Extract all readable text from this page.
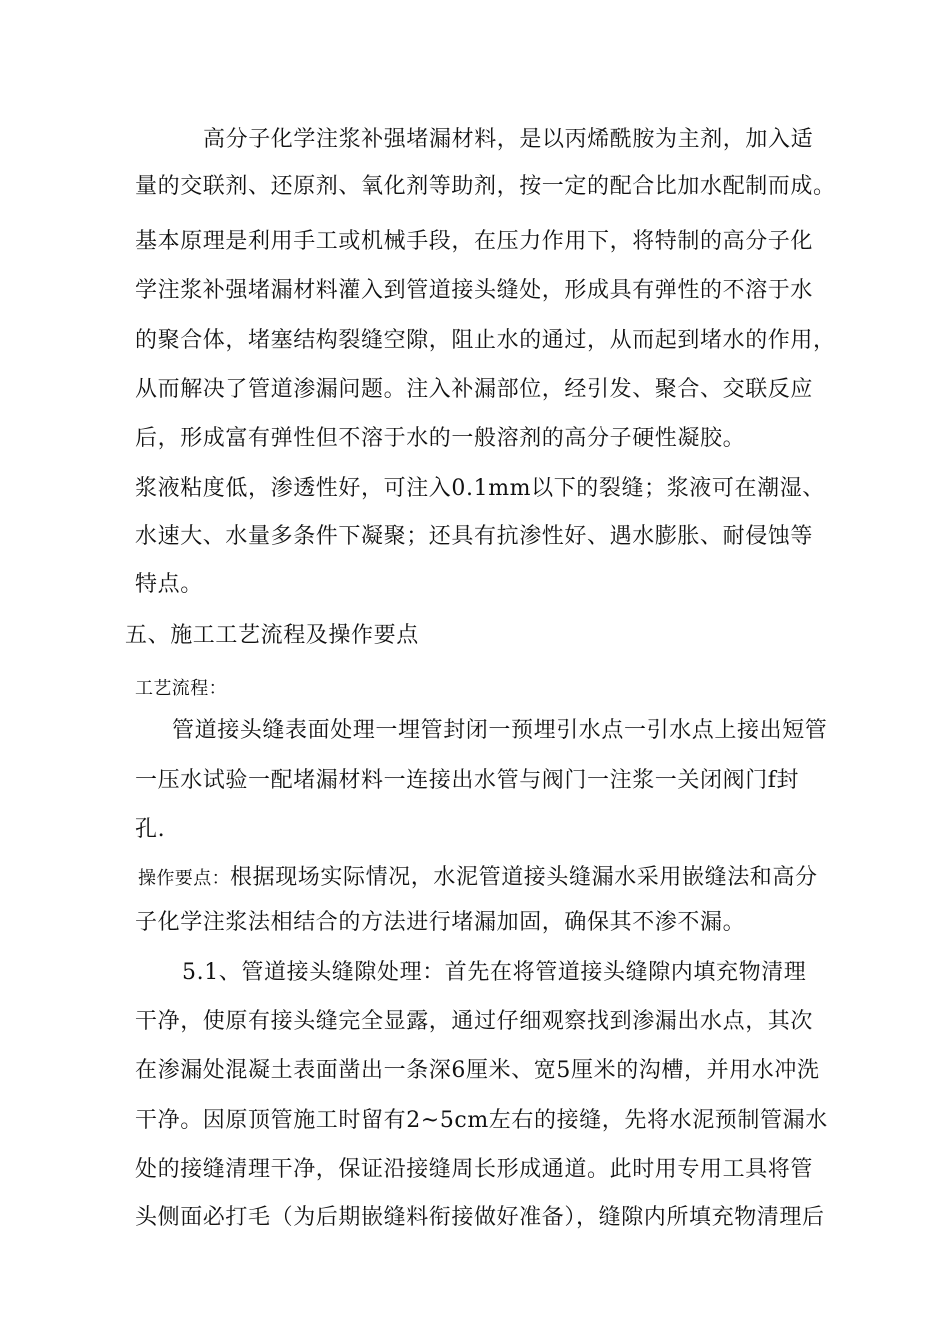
高分子化学注浆补强堵漏材料，是以丙烯酰胺为主剂，加入适
量的交联剂、还原剂、氧化剂等助剂，按一定的配合比加水配制而成。
基本原理是利用手工或机械手段，在压力作用下，将特制的高分子化
学注浆补强堵漏材料灌入到管道接头缝处，形成具有弹性的不溶于水
的聚合体，堵塞结构裂缝空隙，阻止水的通过，从而起到堵水的作用，
从而解决了管道渗漏问题。注入补漏部位，经引发、聚合、交联反应
后，形成富有弹性但不溶于水的一般溶剂的高分子硬性凝胶。
浆液粘度低，渗透性好，可注入0.1mm以下的裂缝；浆液可在潮湿、
水速大、水量多条件下凝聚；还具有抗渗性好、遇水膨胀、耐侵蚀等
特点。
五、施工工艺流程及操作要点
工艺流程：
管道接头缝表面处理一埋管封闭一预埋引水点一引水点上接出短管
一压水试验一配堵漏材料一连接出水管与阀门一注浆一关闭阀门f封
孔.
操作要点：根据现场实际情况，水泥管道接头缝漏水采用嵌缝法和高分
子化学注浆法相结合的方法进行堵漏加固，确保其不渗不漏。
5.1、管道接头缝隙处理：首先在将管道接头缝隙内填充物清理
干净，使原有接头缝完全显露，通过仔细观察找到渗漏出水点，其次
在渗漏处混凝土表面凿出一条深6厘米、宽5厘米的沟槽，并用水冲洗
干净。因原顶管施工时留有2~5cm左右的接缝，先将水泥预制管漏水
处的接缝清理干净，保证沿接缝周长形成通道。此时用专用工具将管
头侧面必打毛（为后期嵌缝料衔接做好准备），缝隙内所填充物清理后
